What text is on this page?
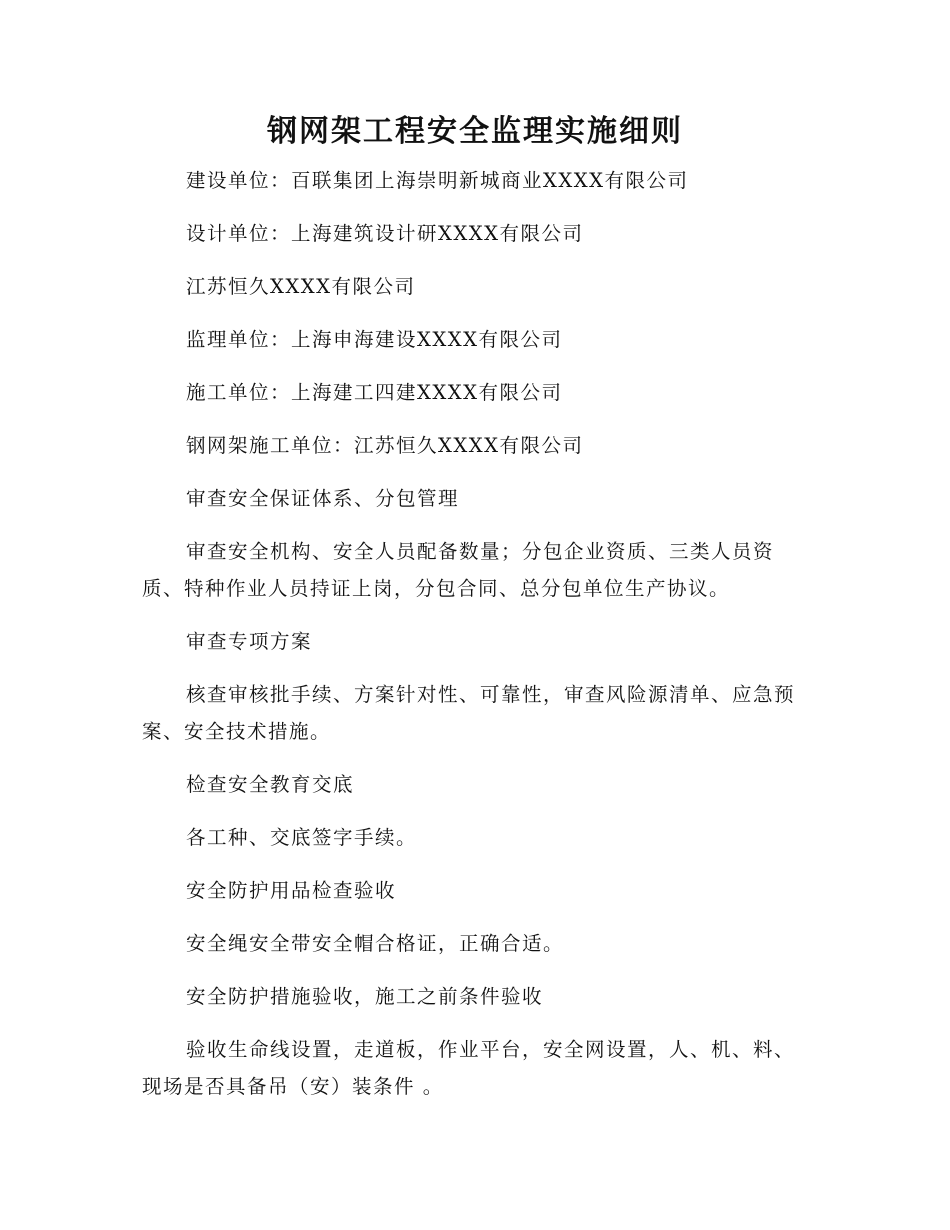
钢网架工程安全监理实施细则

建设单位：百联集团上海崇明新城商业XXXX有限公司

设计单位：上海建筑设计研XXXX有限公司

江苏恒久XXXX有限公司

监理单位：上海申海建设XXXX有限公司

施工单位：上海建工四建XXXX有限公司

钢网架施工单位：江苏恒久XXXX有限公司

审查安全保证体系、分包管理

审查安全机构、安全人员配备数量；分包企业资质、三类人员资质、特种作业人员持证上岗，分包合同、总分包单位生产协议。

审查专项方案

核查审核批手续、方案针对性、可靠性，审查风险源清单、应急预案、安全技术措施。

检查安全教育交底

各工种、交底签字手续。

安全防护用品检查验收

安全绳安全带安全帽合格证，正确合适。

安全防护措施验收，施工之前条件验收

验收生命线设置，走道板，作业平台，安全网设置，人、机、料、现场是否具备吊（安）装条件 。
